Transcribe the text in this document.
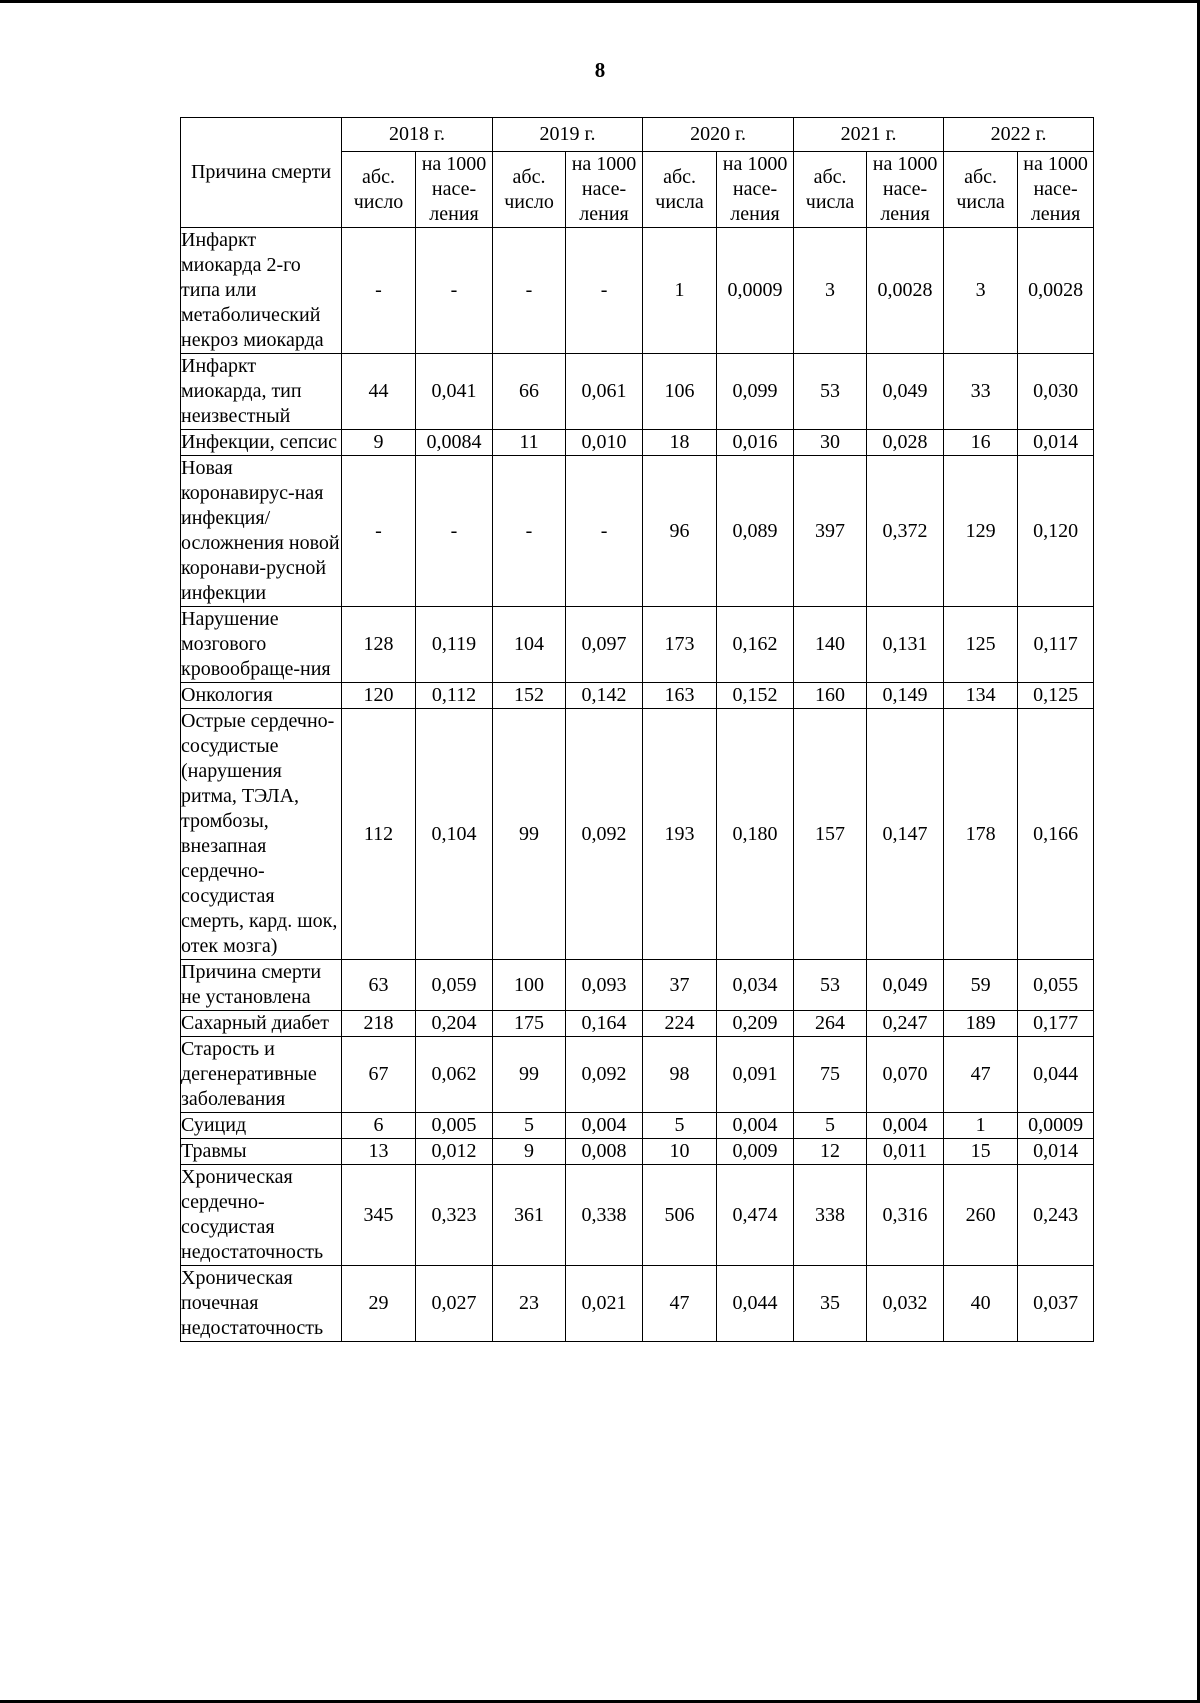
8
Причина смерти	2018 г.		2019 г.		2020 г.		2021 г.		2022 г.	
	абс. число	на 1000 насе-ления	абс. число	на 1000 насе-ления	абс. числа	на 1000 насе-ления	абс. числа	на 1000 насе-ления	абс. числа	на 1000 насе-ления
Инфаркт миокарда 2-го типа или метаболический некроз миокарда	-	-	-	-	1	0,0009	3	0,0028	3	0,0028
Инфаркт миокарда, тип неизвестный	44	0,041	66	0,061	106	0,099	53	0,049	33	0,030
Инфекции, сепсис	9	0,0084	11	0,010	18	0,016	30	0,028	16	0,014
Новая коронавирус-ная инфекция/ осложнения новой коронави-русной инфекции	-	-	-	-	96	0,089	397	0,372	129	0,120
Нарушение мозгового кровообраще-ния	128	0,119	104	0,097	173	0,162	140	0,131	125	0,117
Онкология	120	0,112	152	0,142	163	0,152	160	0,149	134	0,125
Острые сердечно-сосудистые (нарушения ритма, ТЭЛА, тромбозы, внезапная сердечно-сосудистая смерть, кард. шок, отек мозга)	112	0,104	99	0,092	193	0,180	157	0,147	178	0,166
Причина смерти не установлена	63	0,059	100	0,093	37	0,034	53	0,049	59	0,055
Сахарный диабет	218	0,204	175	0,164	224	0,209	264	0,247	189	0,177
Старость и дегенеративные заболевания	67	0,062	99	0,092	98	0,091	75	0,070	47	0,044
Суицид	6	0,005	5	0,004	5	0,004	5	0,004	1	0,0009
Травмы	13	0,012	9	0,008	10	0,009	12	0,011	15	0,014
Хроническая сердечно-сосудистая недостаточность	345	0,323	361	0,338	506	0,474	338	0,316	260	0,243
Хроническая почечная недостаточность	29	0,027	23	0,021	47	0,044	35	0,032	40	0,037
